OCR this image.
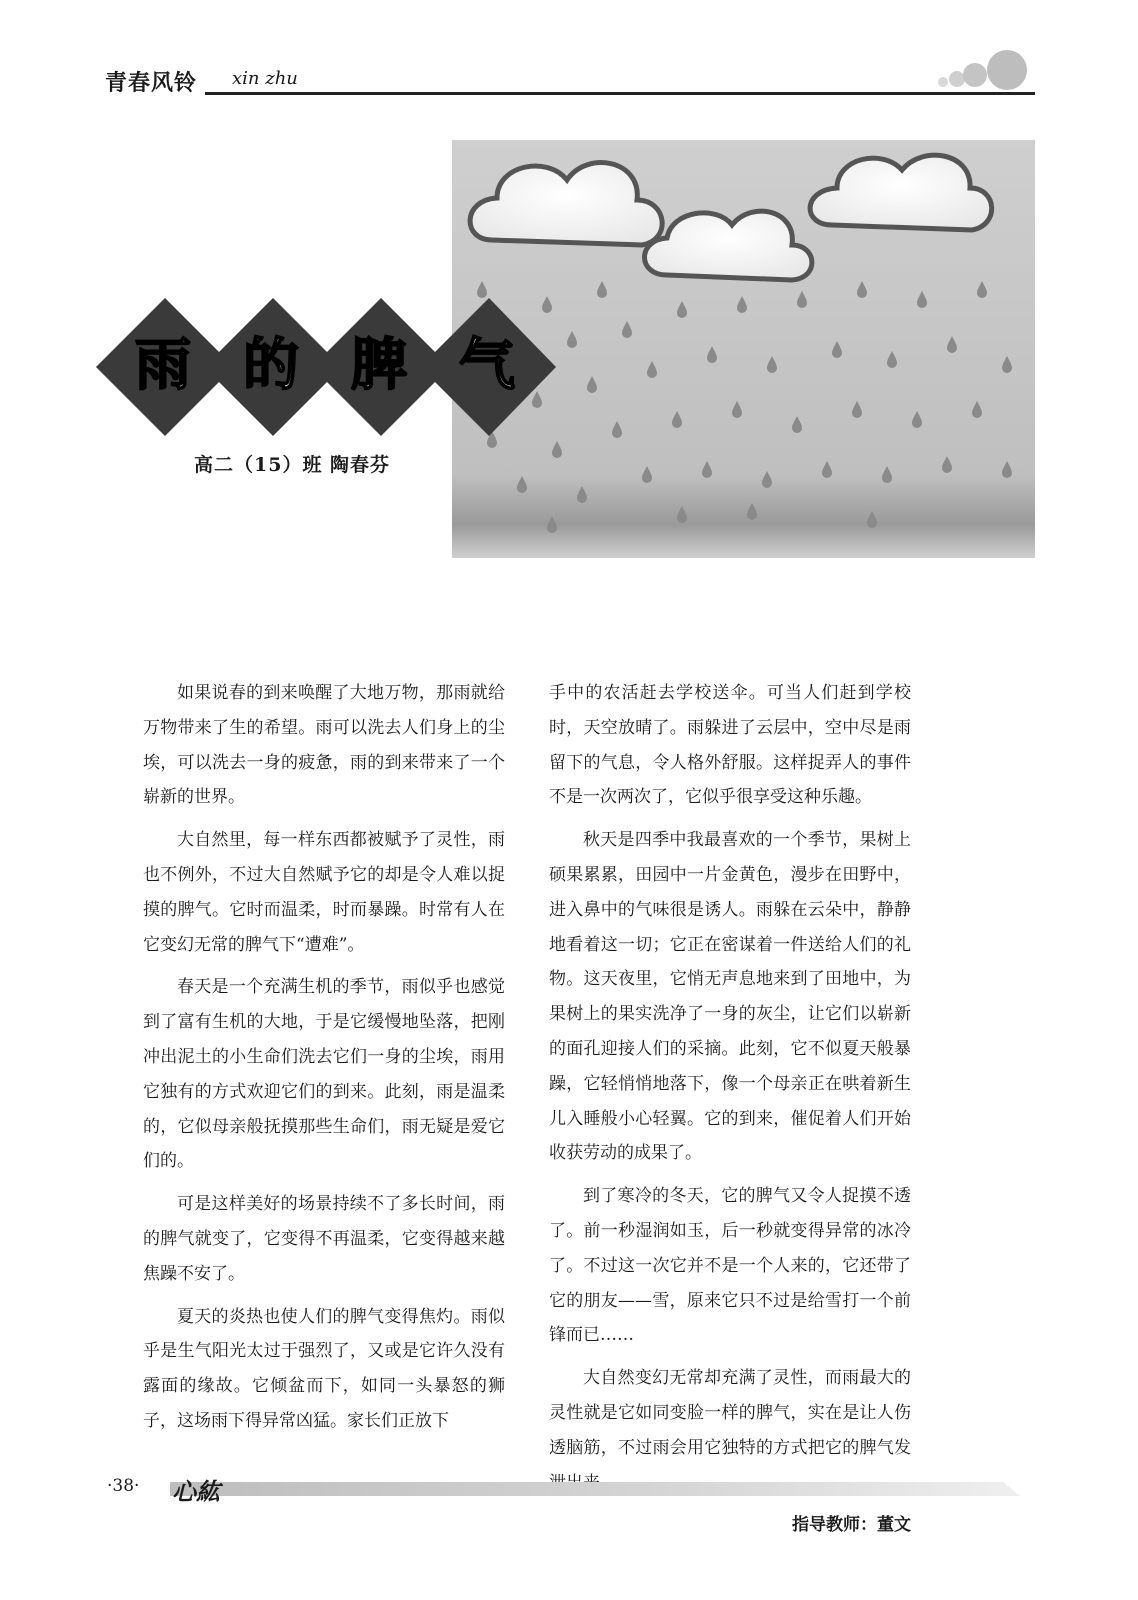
青春风铃 xin zhu
雨 的 脾 气
高二（15）班 陶春芬

如果说春的到来唤醒了大地万物，那雨就给万物带来了生的希望。雨可以洗去人们身上的尘埃，可以洗去一身的疲惫，雨的到来带来了一个崭新的世界。

大自然里，每一样东西都被赋予了灵性，雨也不例外，不过大自然赋予它的却是令人难以捉摸的脾气。它时而温柔，时而暴躁。时常有人在它变幻无常的脾气下“遭难”。

春天是一个充满生机的季节，雨似乎也感觉到了富有生机的大地，于是它缓慢地坠落，把刚冲出泥土的小生命们洗去它们一身的尘埃，雨用它独有的方式欢迎它们的到来。此刻，雨是温柔的，它似母亲般抚摸那些生命们，雨无疑是爱它们的。

可是这样美好的场景持续不了多长时间，雨的脾气就变了，它变得不再温柔，它变得越来越焦躁不安了。

夏天的炎热也使人们的脾气变得焦灼。雨似乎是生气阳光太过于强烈了，又或是它许久没有露面的缘故。它倾盆而下，如同一头暴怒的狮子，这场雨下得异常凶猛。家长们正放下

手中的农活赶去学校送伞。可当人们赶到学校时，天空放晴了。雨躲进了云层中，空中尽是雨留下的气息，令人格外舒服。这样捉弄人的事件不是一次两次了，它似乎很享受这种乐趣。

秋天是四季中我最喜欢的一个季节，果树上硕果累累，田园中一片金黄色，漫步在田野中，进入鼻中的气味很是诱人。雨躲在云朵中，静静地看着这一切；它正在密谋着一件送给人们的礼物。这天夜里，它悄无声息地来到了田地中，为果树上的果实洗净了一身的灰尘，让它们以崭新的面孔迎接人们的采摘。此刻，它不似夏天般暴躁，它轻悄悄地落下，像一个母亲正在哄着新生儿入睡般小心轻翼。它的到来，催促着人们开始收获劳动的成果了。

到了寒冷的冬天，它的脾气又令人捉摸不透了。前一秒湿润如玉，后一秒就变得异常的冰冷了。不过这一次它并不是一个人来的，它还带了它的朋友——雪，原来它只不过是给雪打一个前锋而已……

大自然变幻无常却充满了灵性，而雨最大的灵性就是它如同变脸一样的脾气，实在是让人伤透脑筋，不过雨会用它独特的方式把它的脾气发

指导教师：董文

·38· 心紘
